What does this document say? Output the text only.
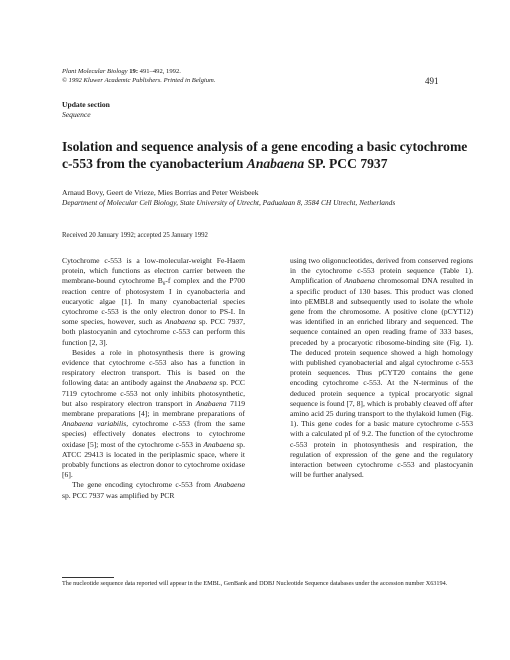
Plant Molecular Biology 19: 491–492, 1992.
© 1992 Kluwer Academic Publishers. Printed in Belgium.	491
Update section
Sequence
Isolation and sequence analysis of a gene encoding a basic cytochrome c-553 from the cyanobacterium Anabaena SP. PCC 7937
Arnaud Bovy, Geert de Vrieze, Mies Borrias and Peter Weisbeek
Department of Molecular Cell Biology, State University of Utrecht, Padualaan 8, 3584 CH Utrecht, Netherlands
Received 20 January 1992; accepted 25 January 1992

Cytochrome c-553 is a low-molecular-weight Fe-Haem protein, which functions as electron carrier between the membrane-bound cytochrome $B_6-f$ complex and the P700 reaction centre of photosystem I in cyanobacteria and eucaryotic algae [1]. In many cyanobacterial species cytochrome c-553 is the only electron donor to PS-I. In some species, however, such as Anabaena sp. PCC 7937, both plastocyanin and cytochrome c-553 can perform this function [2, 3].

Besides a role in photosynthesis there is growing evidence that cytochrome c-553 also has a function in respiratory electron transport. This is based on the following data: an antibody against the Anabaena sp. PCC 7119 cytochrome c-553 not only inhibits photosynthetic, but also respiratory electron transport in Anabaena 7119 membrane preparations [4]; in membrane preparations of Anabaena variabilis, cytochrome c-553 (from the same species) effectively donates electrons to cytochrome oxidase [5]; most of the cytochrome c-553 in Anabaena sp. ATCC 29413 is located in the periplasmic space, where it probably functions as electron donor to cytochrome oxidase [6].

The gene encoding cytochrome c-553 from Anabaena sp. PCC 7937 was amplified by PCR

using two oligonucleotides, derived from conserved regions in the cytochrome c-553 protein sequence (Table 1). Amplification of Anabaena chromosomal DNA resulted in a specific product of 130 bases. This product was cloned into pEMBL8 and subsequently used to isolate the whole gene from the chromosome. A positive clone (pCYT12) was identified in an enriched library and sequenced. The sequence contained an open reading frame of 333 bases, preceded by a procaryotic ribosome-binding site (Fig. 1). The deduced protein sequence showed a high homology with published cyanobacterial and algal cytochrome c-553 protein sequences. Thus pCYT20 contains the gene encoding cytochrome c-553. At the N-terminus of the deduced protein sequence a typical procaryotic signal sequence is found [7, 8], which is probably cleaved off after amino acid 25 during transport to the thylakoid lumen (Fig. 1). This gene codes for a basic mature cytochrome c-553 with a calculated pI of 9.2. The function of the cytochrome c-553 protein in photosynthesis and respiration, the regulation of expression of the gene and the regulatory interaction between cytochrome c-553 and plastocyanin will be further analysed.

The nucleotide sequence data reported will appear in the EMBL, GenBank and DDBJ Nucleotide Sequence databases under the accession number X63194.
